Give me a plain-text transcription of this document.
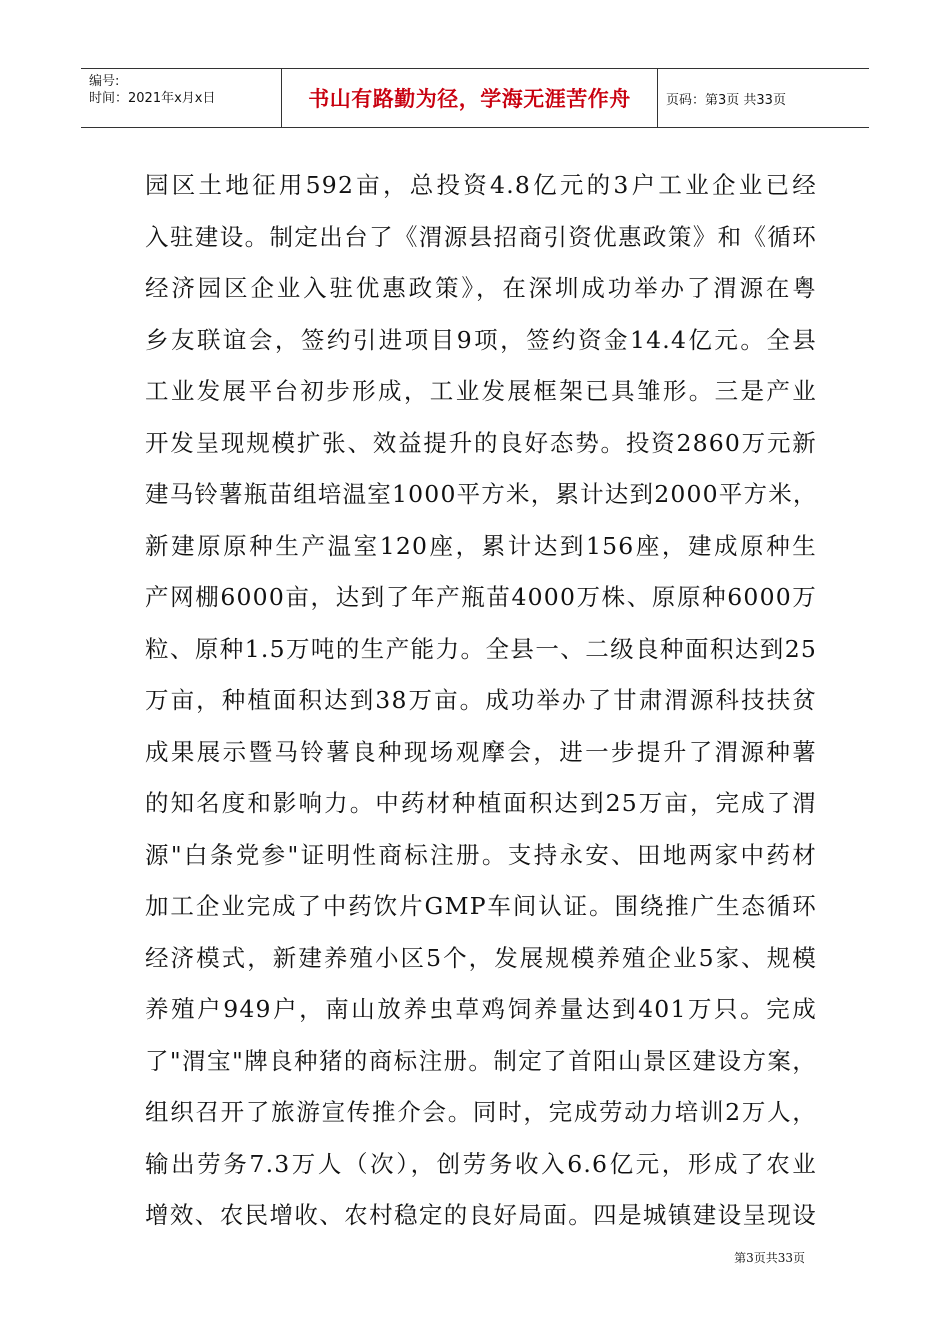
编号:
时间：2021年x月x日	书山有路勤为径，学海无涯苦作舟	页码：第3页 共33页
园区土地征用592亩，总投资4.8亿元的3户工业企业已经
入驻建设。制定出台了《渭源县招商引资优惠政策》和《循环
经济园区企业入驻优惠政策》，在深圳成功举办了渭源在粤
乡友联谊会，签约引进项目9项，签约资金14.4亿元。全县
工业发展平台初步形成，工业发展框架已具雏形。三是产业
开发呈现规模扩张、效益提升的良好态势。投资2860万元新
建马铃薯瓶苗组培温室1000平方米，累计达到2000平方米，
新建原原种生产温室120座，累计达到156座，建成原种生
产网棚6000亩，达到了年产瓶苗4000万株、原原种6000万
粒、原种1.5万吨的生产能力。全县一、二级良种面积达到25
万亩，种植面积达到38万亩。成功举办了甘肃渭源科技扶贫
成果展示暨马铃薯良种现场观摩会，进一步提升了渭源种薯
的知名度和影响力。中药材种植面积达到25万亩，完成了渭
源"白条党参"证明性商标注册。支持永安、田地两家中药材
加工企业完成了中药饮片GMP车间认证。围绕推广生态循环
经济模式，新建养殖小区5个，发展规模养殖企业5家、规模
养殖户949户，南山放养虫草鸡饲养量达到401万只。完成
了"渭宝"牌良种猪的商标注册。制定了首阳山景区建设方案，
组织召开了旅游宣传推介会。同时，完成劳动力培训2万人，
输出劳务7.3万人（次），创劳务收入6.6亿元，形成了农业
增效、农民增收、农村稳定的良好局面。四是城镇建设呈现设
第3页共33页
